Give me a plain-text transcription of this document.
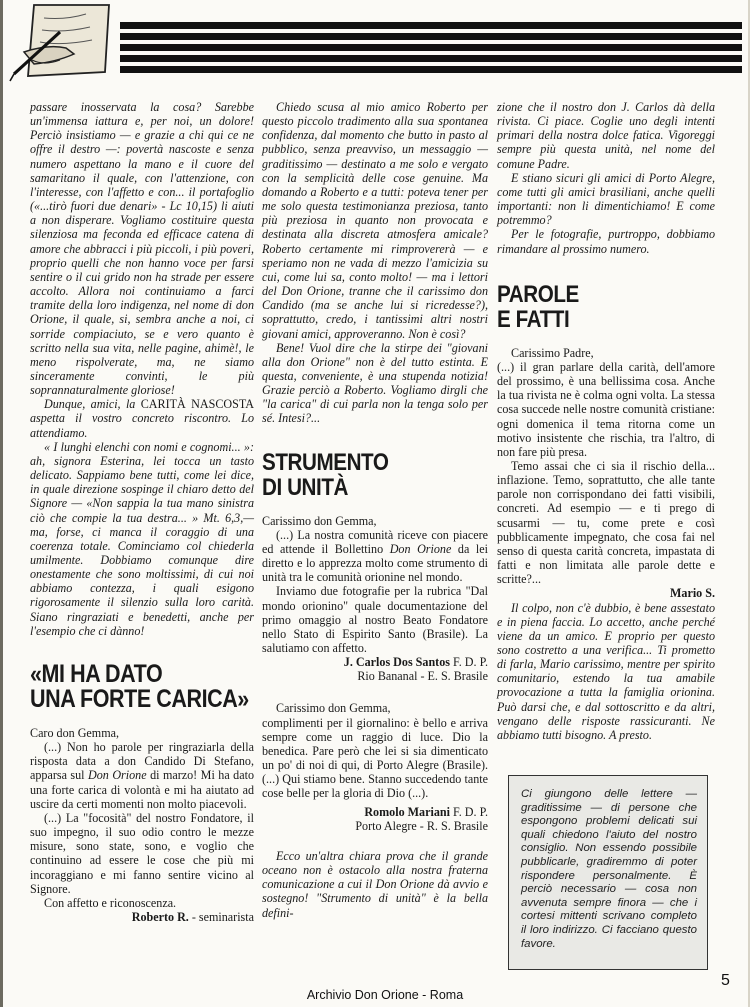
passare inosservata la cosa? Sarebbe un'immensa iattura e, per noi, un dolore! Perciò insistiamo — e grazie a chi qui ce ne offre il destro —: povertà nascoste e senza numero aspettano la mano e il cuore del samaritano il quale, con l'attenzione, con l'interesse, con l'affetto e con... il portafoglio («...tirò fuori due denari» - Lc 10,15) li aiuti a non disperare. Vogliamo costituire questa silenziosa ma feconda ed efficace catena di amore che abbracci i più piccoli, i più poveri, proprio quelli che non hanno voce per farsi sentire o il cui grido non ha strade per essere accolto. Allora noi continuiamo a farci tramite della loro indigenza, nel nome di don Orione, il quale, si, sembra anche a noi, ci sorride compiaciuto, se e vero quanto è scritto nella sua vita, nelle pagine, ahimè!, le meno rispolverate, ma, ne siamo sinceramente convinti, le più soprannaturalmente gloriose!

Dunque, amici, la CARITÀ NASCOSTA aspetta il vostro concreto riscontro. Lo attendiamo.

« I lunghi elenchi con nomi e cognomi... »: ah, signora Esterina, lei tocca un tasto delicato. Sappiamo bene tutti, come lei dice, in quale direzione sospinge il chiaro detto del Signore — «Non sappia la tua mano sinistra ciò che compie la tua destra... » Mt. 6,3,— ma, forse, ci manca il coraggio di una coerenza totale. Cominciamo col chiederla umilmente. Dobbiamo comunque dire onestamente che sono moltissimi, di cui noi abbiamo contezza, i quali esigono rigorosamente il silenzio sulla loro carità. Siano ringraziati e benedetti, anche per l'esempio che ci dànno!

«MI HA DATO
UNA FORTE CARICA»

Caro don Gemma,

(...) Non ho parole per ringraziarla della risposta data a don Candido Di Stefano, apparsa sul Don Orione di marzo! Mi ha dato una forte carica di volontà e mi ha aiutato ad uscire da certi momenti non molto piacevoli.

(...) La "focosità" del nostro Fondatore, il suo impegno, il suo odio contro le mezze misure, sono state, sono, e voglio che continuino ad essere le cose che più mi incoraggiano e mi fanno sentire vicino al Signore.

Con affetto e riconoscenza.

Roberto R. - seminarista

Chiedo scusa al mio amico Roberto per questo piccolo tradimento alla sua spontanea confidenza, dal momento che butto in pasto al pubblico, senza preavviso, un messaggio — graditissimo — destinato a me solo e vergato con la semplicità delle cose genuine. Ma domando a Roberto e a tutti: poteva tener per me solo questa testimonianza preziosa, tanto più preziosa in quanto non provocata e destinata alla discreta atmosfera amicale? Roberto certamente mi rimprovererà — e speriamo non ne vada di mezzo l'amicizia su cui, come lui sa, conto molto! — ma i lettori del Don Orione, tranne che il carissimo don Candido (ma se anche lui si ricredesse?), soprattutto, credo, i tantissimi altri nostri giovani amici, approveranno. Non è così?

Bene! Vuol dire che la stirpe dei "giovani alla don Orione" non è del tutto estinta. E questa, conveniente, è una stupenda notizia! Grazie perciò a Roberto. Vogliamo dirgli che "la carica" di cui parla non la tenga solo per sé. Intesi?...

STRUMENTO
DI UNITÀ

Carissimo don Gemma,

(...) La nostra comunità riceve con piacere ed attende il Bollettino Don Orione da lei diretto e lo apprezza molto come strumento di unità tra le comunità orionine nel mondo.

Inviamo due fotografie per la rubrica "Dal mondo orionino" quale documentazione del primo omaggio al nostro Beato Fondatore nello Stato di Espirito Santo (Brasile). La salutiamo con affetto.

J. Carlos Dos Santos F. D. P.

Rio Bananal - E. S. Brasile

Carissimo don Gemma,

complimenti per il giornalino: è bello e arriva sempre come un raggio di luce. Dio la benedica. Pare però che lei si sia dimenticato un po' di noi di qui, di Porto Alegre (Brasile). (...) Qui stiamo bene. Stanno succedendo tante cose belle per la gloria di Dio (...).

Romolo Mariani F. D. P.

Porto Alegre - R. S. Brasile

Ecco un'altra chiara prova che il grande oceano non è ostacolo alla nostra fraterna comunicazione a cui il Don Orione dà avvio e sostegno! "Strumento di unità" è la bella defini-

zione che il nostro don J. Carlos dà della rivista. Ci piace. Coglie uno degli intenti primari della nostra dolce fatica. Vigoreggi sempre più questa unità, nel nome del comune Padre.

E stiano sicuri gli amici di Porto Alegre, come tutti gli amici brasiliani, anche quelli importanti: non li dimentichiamo! E come potremmo?

Per le fotografie, purtroppo, dobbiamo rimandare al prossimo numero.

PAROLE
E FATTI

Carissimo Padre,

(...) il gran parlare della carità, dell'amore del prossimo, è una bellissima cosa. Anche la tua rivista ne è colma ogni volta. La stessa cosa succede nelle nostre comunità cristiane: ogni domenica il tema ritorna come un motivo insistente che rischia, tra l'altro, di non fare più presa.

Temo assai che ci sia il rischio della... inflazione. Temo, soprattutto, che alle tante parole non corrispondano dei fatti visibili, concreti. Ad esempio — e ti prego di scusarmi — tu, come prete e così pubblicamente impegnato, che cosa fai nel senso di questa carità concreta, impastata di fatti e non limitata alle parole dette e scritte?...

Mario S.

Il colpo, non c'è dubbio, è bene assestato e in piena faccia. Lo accetto, anche perché viene da un amico. E proprio per questo sono costretto a una verifica... Ti prometto di farla, Mario carissimo, mentre per spirito comunitario, estendo la tua amabile provocazione a tutta la famiglia orionina. Può darsi che, e dal sottoscritto e da altri, vengano delle risposte rassicuranti. Ne abbiamo tutti bisogno. A presto.

Ci giungono delle lettere — graditissime — di persone che espongono problemi delicati sui quali chiedono l'aiuto del nostro consiglio. Non essendo possibile pubblicarle, gradiremmo di poter rispondere personalmente. È perciò necessario — cosa non avvenuta sempre finora — che i cortesi mittenti scrivano completo il loro indirizzo. Ci facciano questo favore.
5
Archivio Don Orione - Roma
